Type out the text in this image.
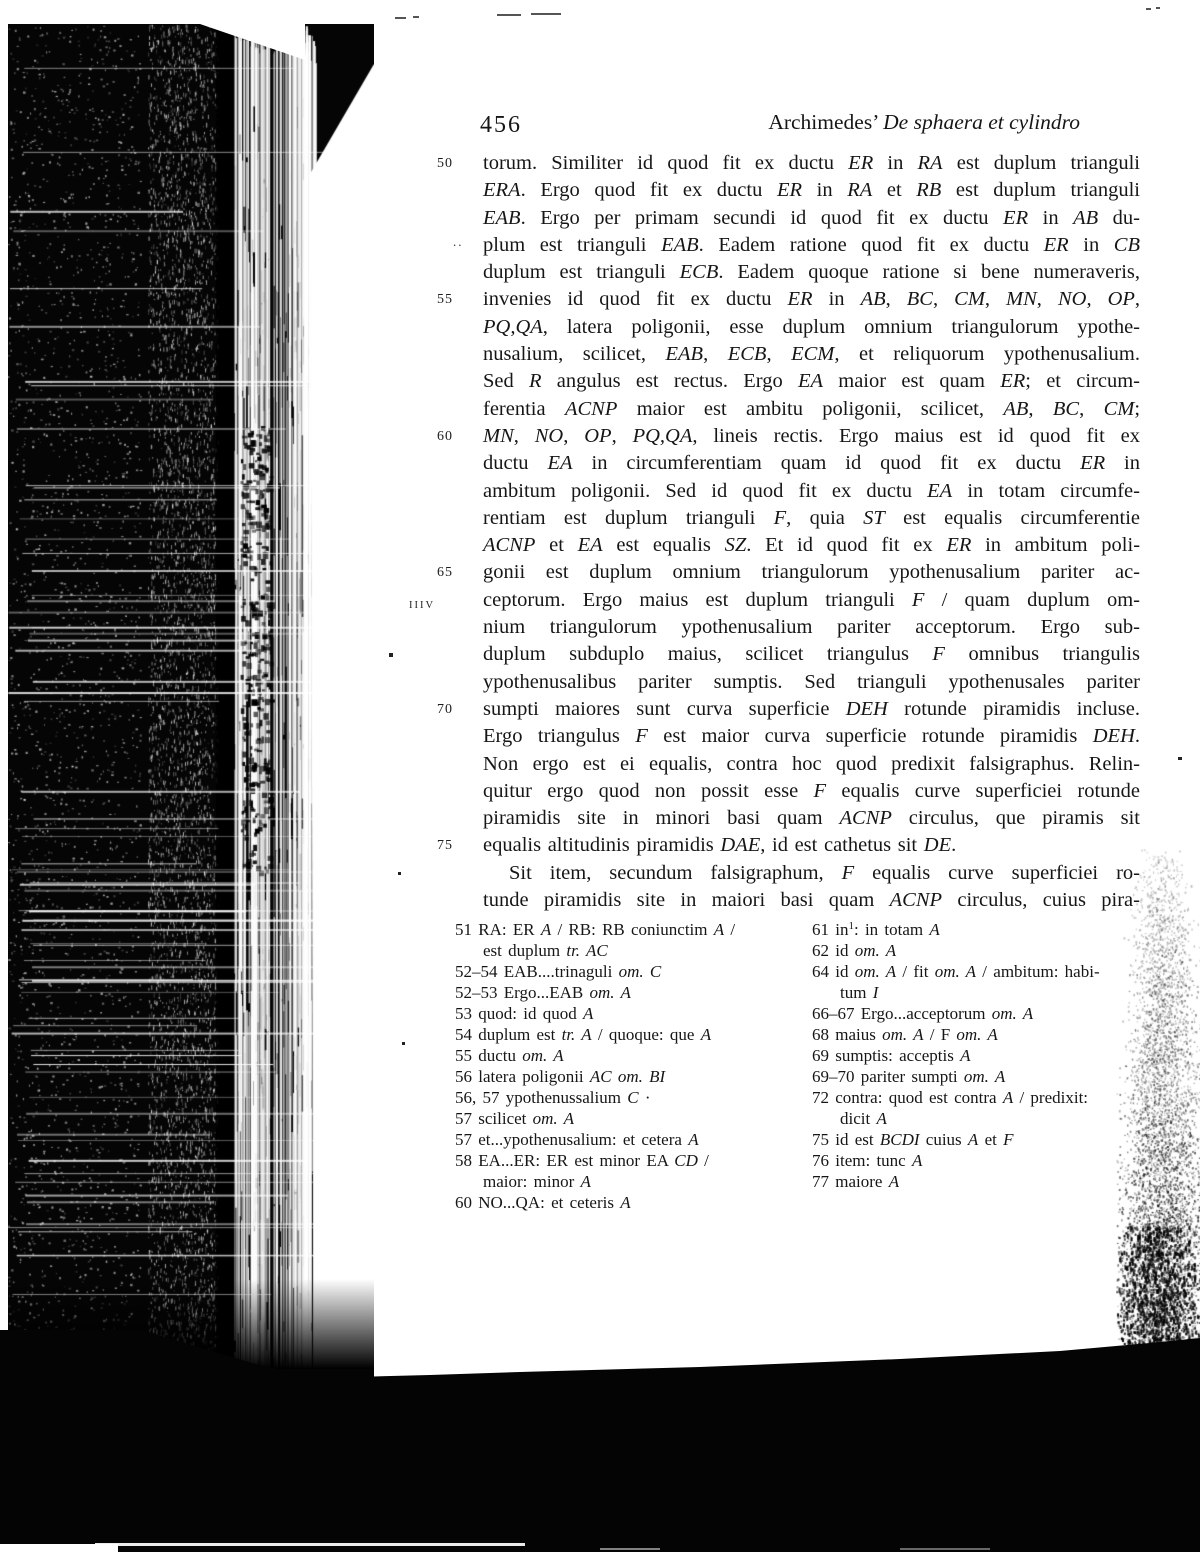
456	Archimedes’ De sphaera et cylindro
50	torum. Similiter id quod fit ex ductu ER in RA est duplum trianguli
ERA. Ergo quod fit ex ductu ER in RA et RB est duplum trianguli
EAB. Ergo per primam secundi id quod fit ex ductu ER in AB du-
.. plum est trianguli EAB. Eadem ratione quod fit ex ductu ER in CB
duplum est trianguli ECB. Eadem quoque ratione si bene numeraveris,
55	invenies id quod fit ex ductu ER in AB, BC, CM, MN, NO, OP,
PQ,QA, latera poligonii, esse duplum omnium triangulorum ypothe-
nusalium, scilicet, EAB, ECB, ECM, et reliquorum ypothenusalium.
Sed R angulus est rectus. Ergo EA maior est quam ER; et circum-
ferentia ACNP maior est ambitu poligonii, scilicet, AB, BC, CM;
60	MN, NO, OP, PQ,QA, lineis rectis. Ergo maius est id quod fit ex
ductu EA in circumferentiam quam id quod fit ex ductu ER in
ambitum poligonii. Sed id quod fit ex ductu EA in totam circumfe-
rentiam est duplum trianguli F, quia ST est equalis circumferentie
ACNP et EA est equalis SZ. Et id quod fit ex ER in ambitum poli-
65	gonii est duplum omnium triangulorum ypothenusalium pariter ac-
IIIV ceptorum. Ergo maius est duplum trianguli F / quam duplum om-
nium triangulorum ypothenusalium pariter acceptorum. Ergo sub-
duplum subduplo maius, scilicet triangulus F omnibus triangulis
ypothenusalibus pariter sumptis. Sed trianguli ypothenusales pariter
70	sumpti maiores sunt curva superficie DEH rotunde piramidis incluse.
Ergo triangulus F est maior curva superficie rotunde piramidis DEH.
Non ergo est ei equalis, contra hoc quod predixit falsigraphus. Relin-
quitur ergo quod non possit esse F equalis curve superficiei rotunde
piramidis site in minori basi quam ACNP circulus, que piramis sit
75	equalis altitudinis piramidis DAE, id est cathetus sit DE.
Sit item, secundum falsigraphum, F equalis curve superficiei ro-
tunde piramidis site in maiori basi quam ACNP circulus, cuius pira-
51 RA: ER A / RB: RB coniunctim A /
est duplum tr. AC
52–54 EAB....trinaguli om. C
52–53 Ergo...EAB om. A
53 quod: id quod A
54 duplum est tr. A / quoque: que A
55 ductu om. A
56 latera poligonii AC om. BI
56, 57 ypothenussalium C ·
57 scilicet om. A
57 et...ypothenusalium: et cetera A
58 EA...ER: ER est minor EA CD /
maior: minor A
60 NO...QA: et ceteris A
61 $in^1$: in totam A
62 id om. A
64 id om. A / fit om. A / ambitum: habi-
tum I
66–67 Ergo...acceptorum om. A
68 maius om. A / F om. A
69 sumptis: acceptis A
69–70 pariter sumpti om. A
72 contra: quod est contra A / predixit:
dicit A
75 id est BCDI cuius A et F
76 item: tunc A
77 maiore A
